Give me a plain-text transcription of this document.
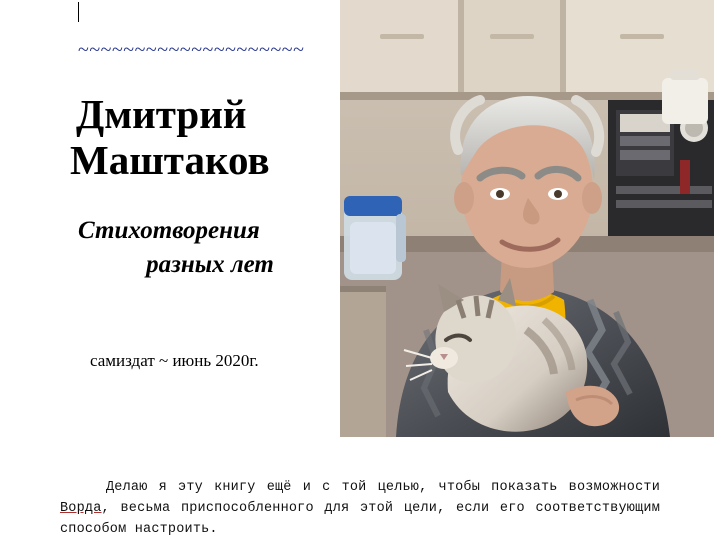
~~~~~~~~~~~~~~~~~~~~
Дмитрий
Маштаков
Стихотворения
разных лет
самиздат ~ июнь 2020г.
Делаю я эту книгу ещё и с той целью, чтобы показать возможности Ворда, весьма приспособленного для этой цели, если его соответствующим способом настроить.
